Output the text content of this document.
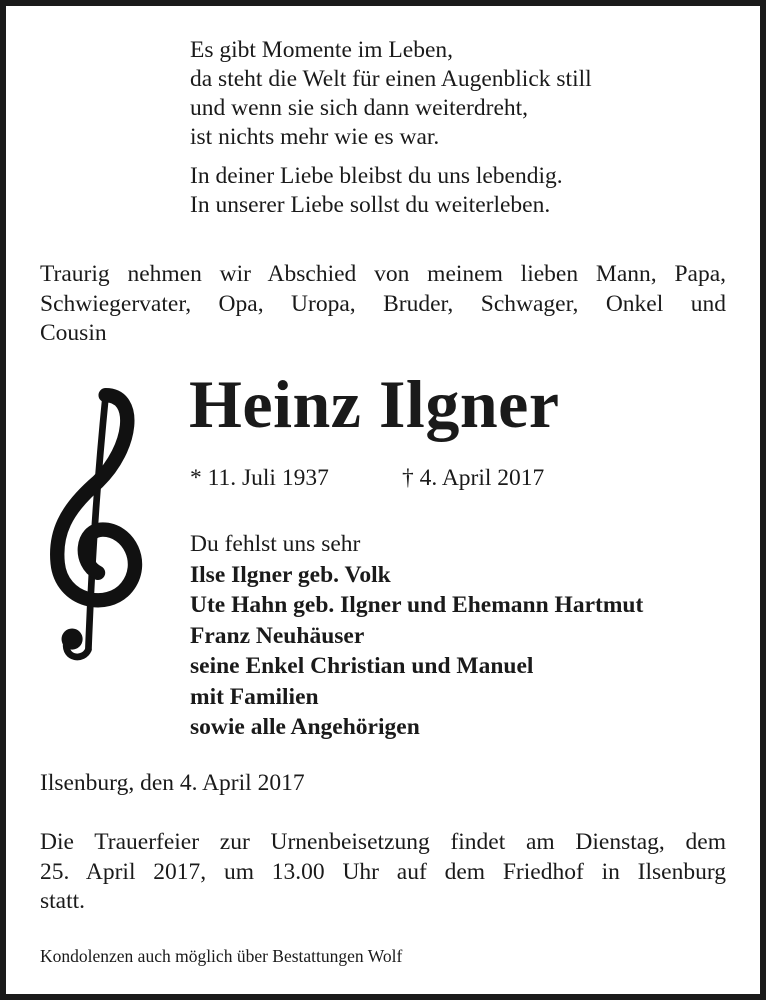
Es gibt Momente im Leben,

da steht die Welt für einen Augenblick still

und wenn sie sich dann weiterdreht,

ist nichts mehr wie es war.

In deiner Liebe bleibst du uns lebendig.

In unserer Liebe sollst du weiterleben.

Traurig nehmen wir Abschied von meinem lieben Mann, Papa,

Schwiegervater, Opa, Uropa, Bruder, Schwager, Onkel und

Cousin

Heinz Ilgner
* 11. Juli 1937	† 4. April 2017

Du fehlst uns sehr

Ilse Ilgner geb. Volk

Ute Hahn geb. Ilgner und Ehemann Hartmut

Franz Neuhäuser

seine Enkel Christian und Manuel

mit Familien

sowie alle Angehörigen

Ilsenburg, den 4. April 2017

Die Trauerfeier zur Urnenbeisetzung findet am Dienstag, dem

25. April 2017, um 13.00 Uhr auf dem Friedhof in Ilsenburg

statt.

Kondolenzen auch möglich über Bestattungen Wolf
